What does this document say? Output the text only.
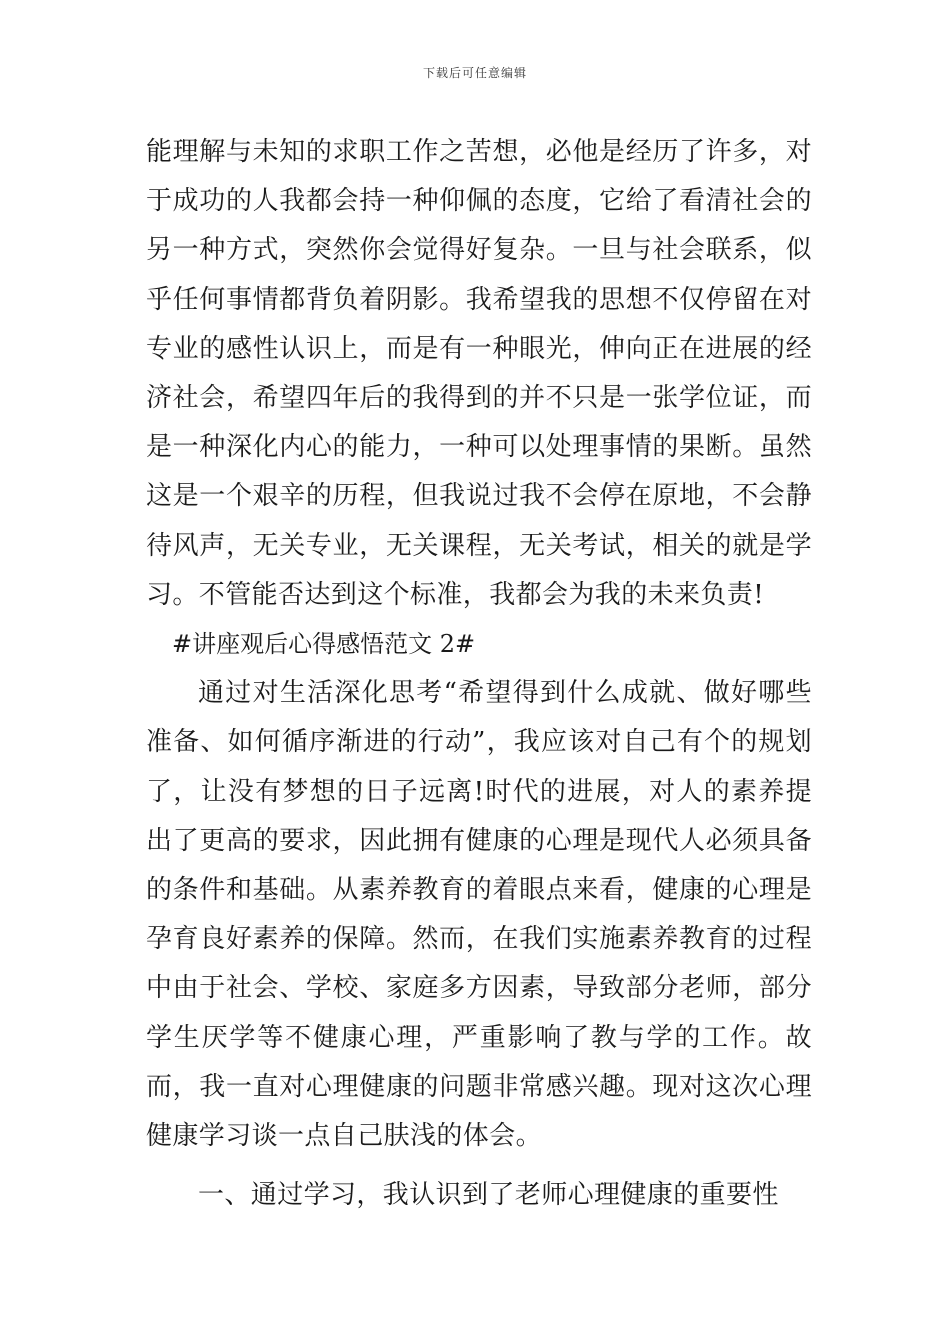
下载后可任意编辑

能理解与未知的求职工作之苦想，必他是经历了许多，对于成功的人我都会持一种仰佩的态度，它给了看清社会的另一种方式，突然你会觉得好复杂。一旦与社会联系，似乎任何事情都背负着阴影。我希望我的思想不仅停留在对专业的感性认识上，而是有一种眼光，伸向正在进展的经济社会，希望四年后的我得到的并不只是一张学位证，而是一种深化内心的能力，一种可以处理事情的果断。虽然这是一个艰辛的历程，但我说过我不会停在原地，不会静待风声，无关专业，无关课程，无关考试，相关的就是学习。不管能否达到这个标准，我都会为我的未来负责!

#讲座观后心得感悟范文 2#

通过对生活深化思考“希望得到什么成就、做好哪些准备、如何循序渐进的行动”，我应该对自己有个的规划了，让没有梦想的日子远离!时代的进展，对人的素养提出了更高的要求，因此拥有健康的心理是现代人必须具备的条件和基础。从素养教育的着眼点来看，健康的心理是孕育良好素养的保障。然而，在我们实施素养教育的过程中由于社会、学校、家庭多方因素，导致部分老师，部分学生厌学等不健康心理，严重影响了教与学的工作。故而，我一直对心理健康的问题非常感兴趣。现对这次心理健康学习谈一点自己肤浅的体会。

一、通过学习，我认识到了老师心理健康的重要性
